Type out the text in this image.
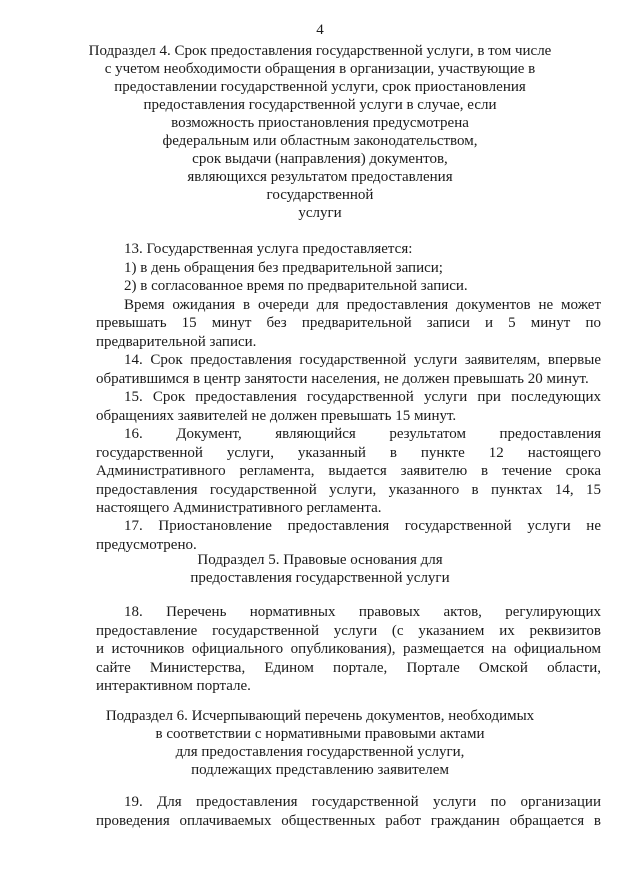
4
Подраздел 4. Срок предоставления государственной услуги, в том числе
с учетом необходимости обращения в организации, участвующие в
предоставлении государственной услуги, срок приостановления
предоставления государственной услуги в случае, если
возможность приостановления предусмотрена
федеральным или областным законодательством,
срок выдачи (направления) документов,
являющихся результатом предоставления
государственной
услуги
13. Государственная услуга предоставляется:
1) в день обращения без предварительной записи;
2) в согласованное время по предварительной записи.
Время ожидания в очереди для предоставления документов не может
превышать 15 минут без предварительной записи и 5 минут по
предварительной записи.
14. Срок предоставления государственной услуги заявителям, впервые
обратившимся в центр занятости населения, не должен превышать 20 минут.
15. Срок предоставления государственной услуги при последующих
обращениях заявителей не должен превышать 15 минут.
16. Документ, являющийся результатом предоставления
государственной услуги, указанный в пункте 12 настоящего
Административного регламента, выдается заявителю в течение срока
предоставления государственной услуги, указанного в пунктах 14, 15
настоящего Административного регламента.
17. Приостановление предоставления государственной услуги не
предусмотрено.
Подраздел 5. Правовые основания для
предоставления государственной услуги
18. Перечень нормативных правовых актов, регулирующих
предоставление государственной услуги (с указанием их реквизитов
и источников официального опубликования), размещается на официальном
сайте Министерства, Едином портале, Портале Омской области,
интерактивном портале.
Подраздел 6. Исчерпывающий перечень документов, необходимых
в соответствии с нормативными правовыми актами
для предоставления государственной услуги,
подлежащих представлению заявителем
19. Для предоставления государственной услуги по организации
проведения оплачиваемых общественных работ гражданин обращается в
